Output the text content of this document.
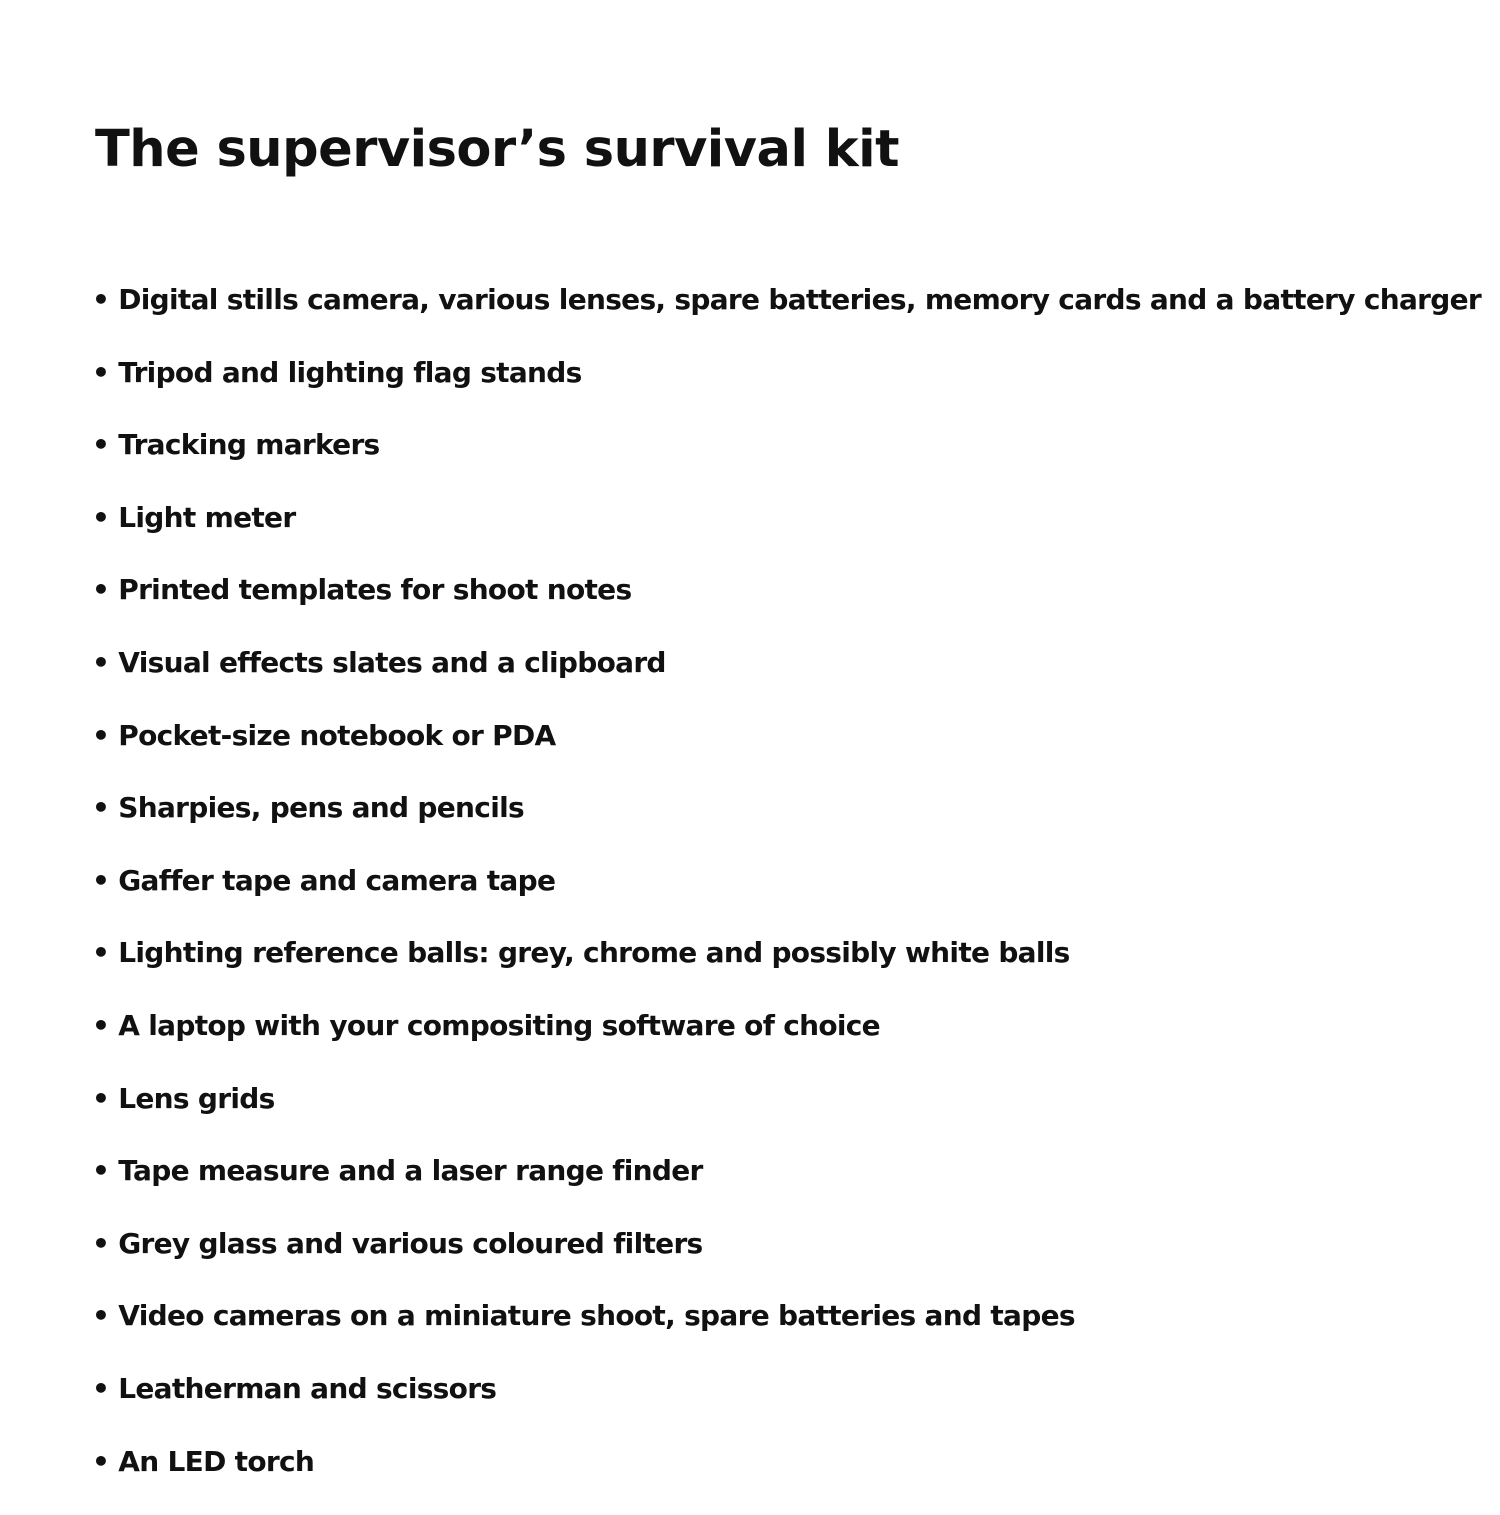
The supervisor’s survival kit
• Digital stills camera, various lenses, spare batteries, memory cards and a battery charger
• Tripod and lighting flag stands
• Tracking markers
• Light meter
• Printed templates for shoot notes
• Visual effects slates and a clipboard
• Pocket-size notebook or PDA
• Sharpies, pens and pencils
• Gaffer tape and camera tape
• Lighting reference balls: grey, chrome and possibly white balls
• A laptop with your compositing software of choice
• Lens grids
• Tape measure and a laser range finder
• Grey glass and various coloured filters
• Video cameras on a miniature shoot, spare batteries and tapes
• Leatherman and scissors
• An LED torch
